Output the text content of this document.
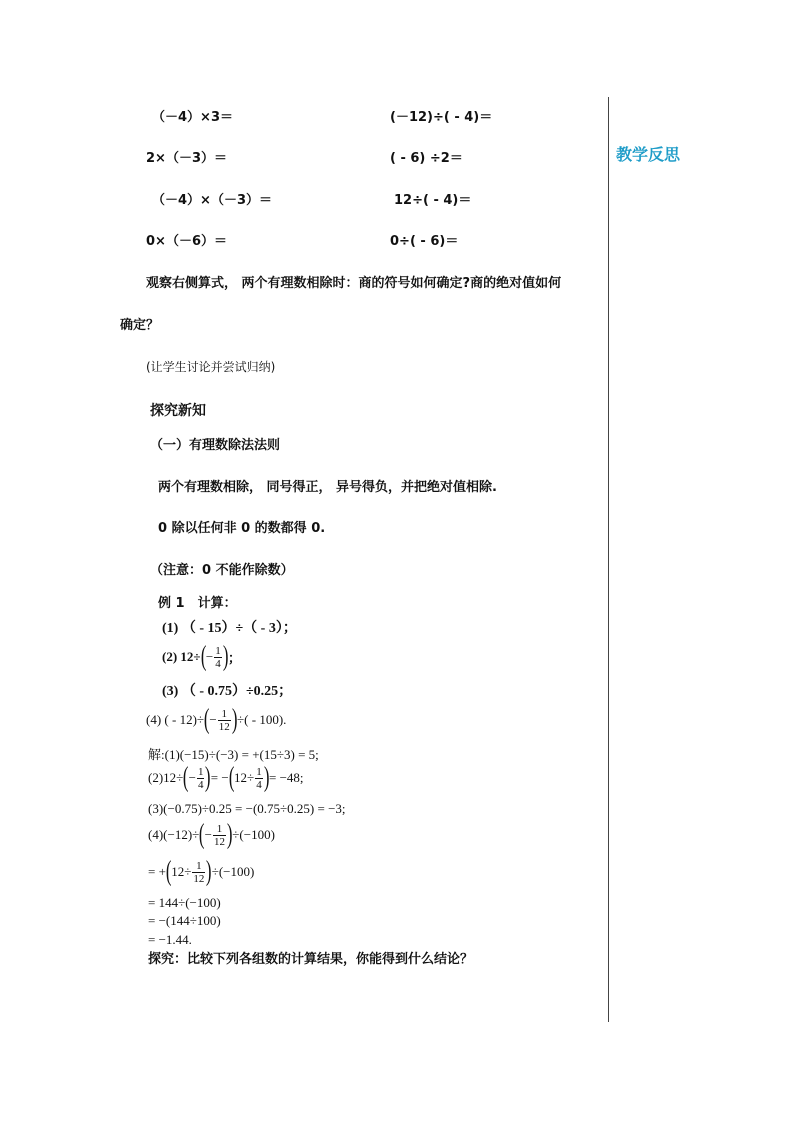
教学反思
（－4）×3＝
2×（－3）＝
（－4）×（－3）＝
0×（－6）＝
(－12)÷( - 4)＝
( - 6) ÷2＝
12÷( - 4)＝
0÷( - 6)＝
观察右侧算式， 两个有理数相除时：商的符号如何确定?商的绝对值如何
确定？
(让学生讨论并尝试归纳)
探究新知
（一）有理数除法法则
两个有理数相除， 同号得正， 异号得负，并把绝对值相除.
0 除以任何非 0 的数都得 0.
（注意：0 不能作除数）
例 1　计算：
(1) （ - 15）÷（ - 3）；
(2) $12\div(- \frac{1}{4}$ )；
(3) （ - 0.75）÷0.25；
(4) ( - $12)\div(- \frac{1}{12}$ )÷( - 100).
解:(1)(−15)÷(−3) = +(15÷3) = 5;
$(2)12\div(- \frac{1}{4}$ )= $-(12\div \frac{1}{4}$ )= −48;
(3)(−0.75)÷0.25 = −(0.75÷0.25) = −3;
$(4)(-12)\div(- \frac{1}{12} )\div(-100)$
= $+(12\div \frac{1}{12} )\div(-100)$
= 144÷(−100)
= −(144÷100)
= −1.44.
探究：比较下列各组数的计算结果，你能得到什么结论？
